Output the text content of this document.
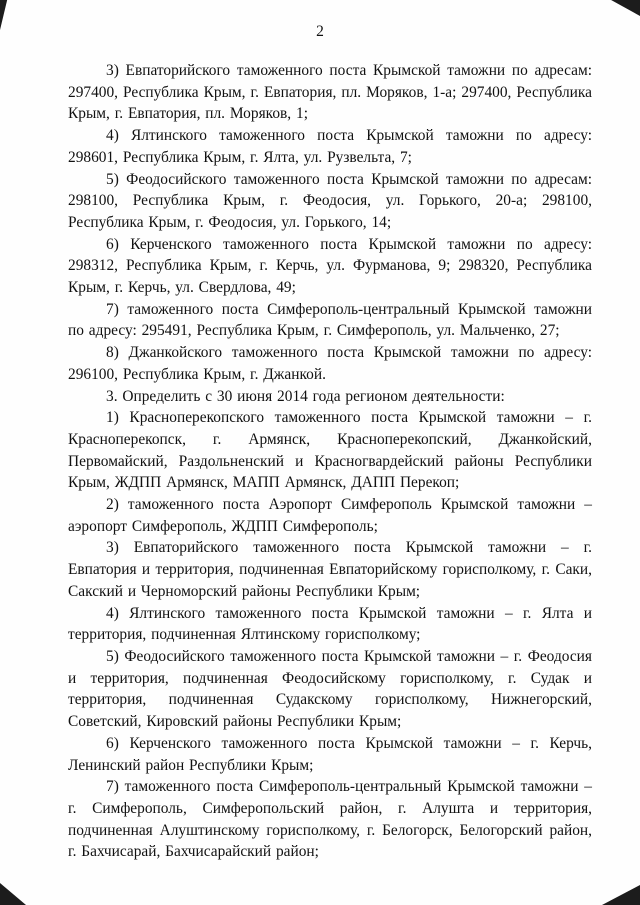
2

3) Евпаторийского таможенного поста Крымской таможни по адресам: 297400, Республика Крым, г. Евпатория, пл. Моряков, 1-а; 297400, Республика Крым, г. Евпатория, пл. Моряков, 1;

4) Ялтинского таможенного поста Крымской таможни по адресу: 298601, Республика Крым, г. Ялта, ул. Рузвельта, 7;

5) Феодосийского таможенного поста Крымской таможни по адресам: 298100, Республика Крым, г. Феодосия, ул. Горького, 20-а; 298100, Республика Крым, г. Феодосия, ул. Горького, 14;

6) Керченского таможенного поста Крымской таможни по адресу: 298312, Республика Крым, г. Керчь, ул. Фурманова, 9; 298320, Республика Крым, г. Керчь, ул. Свердлова, 49;

7) таможенного поста Симферополь-центральный Крымской таможни по адресу: 295491, Республика Крым, г. Симферополь, ул. Мальченко, 27;

8) Джанкойского таможенного поста Крымской таможни по адресу: 296100, Республика Крым, г. Джанкой.

3. Определить с 30 июня 2014 года регионом деятельности:

1) Красноперекопского таможенного поста Крымской таможни – г. Красноперекопск, г. Армянск, Красноперекопский, Джанкойский, Первомайский, Раздольненский и Красногвардейский районы Республики Крым, ЖДПП Армянск, МАПП Армянск, ДАПП Перекоп;

2) таможенного поста Аэропорт Симферополь Крымской таможни – аэропорт Симферополь, ЖДПП Симферополь;

3) Евпаторийского таможенного поста Крымской таможни – г. Евпатория и территория, подчиненная Евпаторийскому горисполкому, г. Саки, Сакский и Черноморский районы Республики Крым;

4) Ялтинского таможенного поста Крымской таможни – г. Ялта и территория, подчиненная Ялтинскому горисполкому;

5) Феодосийского таможенного поста Крымской таможни – г. Феодосия и территория, подчиненная Феодосийскому горисполкому, г. Судак и территория, подчиненная Судакскому горисполкому, Нижнегорский, Советский, Кировский районы Республики Крым;

6) Керченского таможенного поста Крымской таможни – г. Керчь, Ленинский район Республики Крым;

7) таможенного поста Симферополь-центральный Крымской таможни – г. Симферополь, Симферопольский район, г. Алушта и территория, подчиненная Алуштинскому горисполкому, г. Белогорск, Белогорский район, г. Бахчисарай, Бахчисарайский район;
